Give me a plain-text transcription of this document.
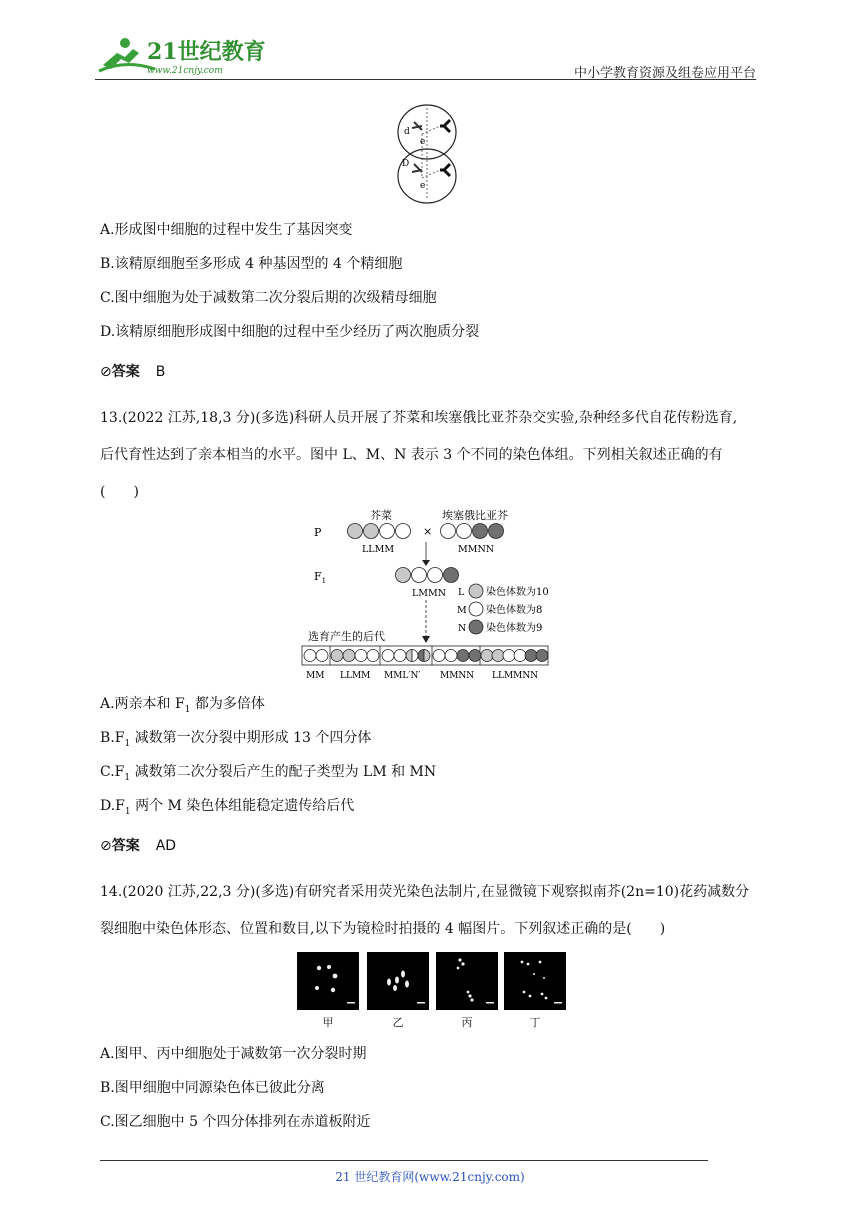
21世纪教育
www.21cnjy.com	中小学教育资源及组卷应用平台
d
e
D
e
A.形成图中细胞的过程中发生了基因突变
B.该精原细胞至多形成 4 种基因型的 4 个精细胞
C.图中细胞为处于减数第二次分裂后期的次级精母细胞
D.该精原细胞形成图中细胞的过程中至少经历了两次胞质分裂
⊘答案 B
13.(2022 江苏,18,3 分)(多选)科研人员开展了芥菜和埃塞俄比亚芥杂交实验,杂种经多代自花传粉选育,
后代育性达到了亲本相当的水平。图中 L、M、N 表示 3 个不同的染色体组。下列相关叙述正确的有
(　　)
P
芥菜	埃塞俄比亚芥
×
LLMM	MMNN
$F_1$
LMMN L 染色体数为10
M 染色体数为8
N 染色体数为9
选育产生的后代
MM LLMM MML′N′ MMNN LLMMNN
A.两亲本和 $F_1$ 都为多倍体
$B.F_1$ 减数第一次分裂中期形成 13 个四分体
$C.F_1$ 减数第二次分裂后产生的配子类型为 LM 和 MN
$D.F_1$ 两个 M 染色体组能稳定遗传给后代
⊘答案 AD
14.(2020 江苏,22,3 分)(多选)有研究者采用荧光染色法制片,在显微镜下观察拟南芥(2n=10)花药减数分
裂细胞中染色体形态、位置和数目,以下为镜检时拍摄的 4 幅图片。下列叙述正确的是(　　)
甲	乙	丙	丁
A.图甲、丙中细胞处于减数第一次分裂时期
B.图甲细胞中同源染色体已彼此分离
C.图乙细胞中 5 个四分体排列在赤道板附近
21 世纪教育网(www.21cnjy.com)
